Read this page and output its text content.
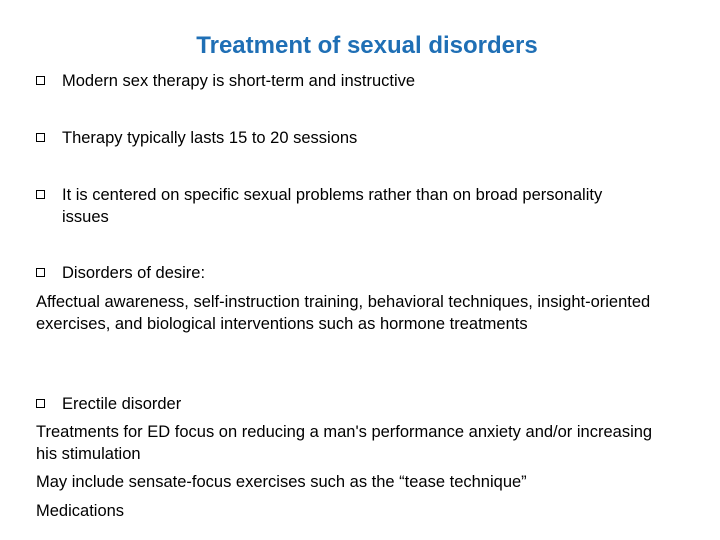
Treatment of sexual disorders
Modern sex therapy is short-term and instructive
Therapy typically lasts 15 to 20 sessions
It is centered on specific sexual problems rather than on broad personality issues
Disorders of desire:
Affectual awareness, self-instruction training, behavioral techniques, insight-oriented exercises, and biological interventions such as hormone treatments
Erectile disorder
Treatments for ED focus on reducing a man's performance anxiety and/or increasing his stimulation
May include sensate-focus exercises such as the “tease technique”
Medications
